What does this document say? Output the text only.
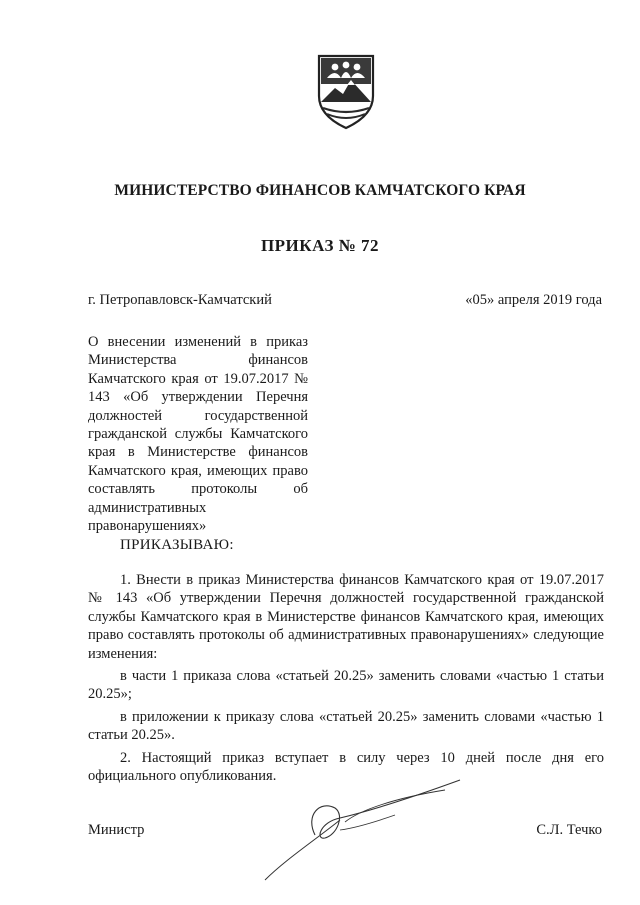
МИНИСТЕРСТВО ФИНАНСОВ КАМЧАТСКОГО КРАЯ
ПРИКАЗ № 72
г. Петропавловск-Камчатский	«05» апреля 2019 года
О внесении изменений в приказ Министерства финансов Камчатского края от 19.07.2017 № 143 «Об утверждении Перечня должностей государственной гражданской службы Камчатского края в Министерстве финансов Камчатского края, имеющих право составлять протоколы об административных правонарушениях»
ПРИКАЗЫВАЮ:

1. Внести в приказ Министерства финансов Камчатского края от 19.07.2017 № 143 «Об утверждении Перечня должностей государственной гражданской службы Камчатского края в Министерстве финансов Камчатского края, имеющих право составлять протоколы об административных правонарушениях» следующие изменения:

в части 1 приказа слова «статьей 20.25» заменить словами «частью 1 статьи 20.25»;

в приложении к приказу слова «статьей 20.25» заменить словами «частью 1 статьи 20.25».

2. Настоящий приказ вступает в силу через 10 дней после дня его официального опубликования.

Министр	С.Л. Течко
